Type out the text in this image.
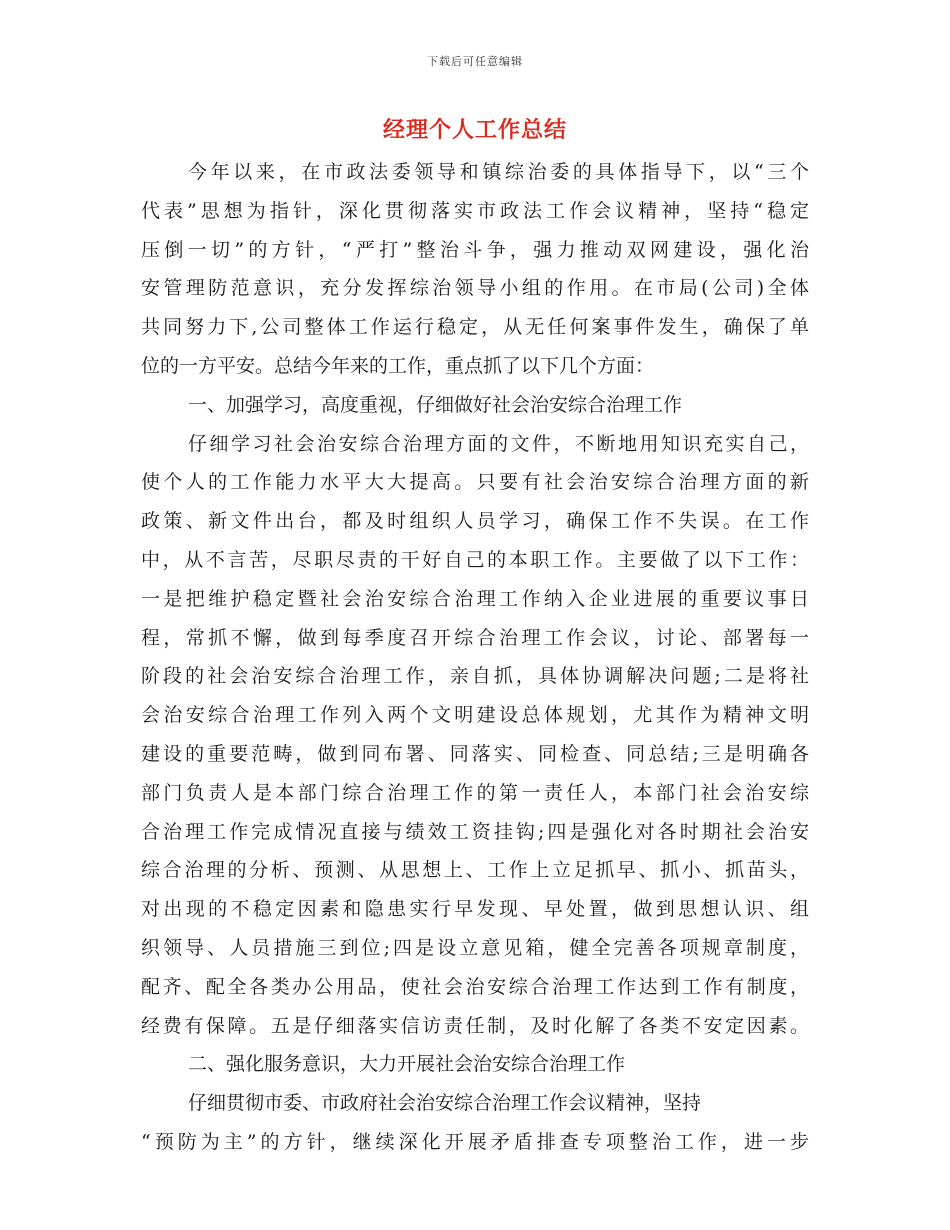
下载后可任意编辑
经理个人工作总结
今年以来，在市政法委领导和镇综治委的具体指导下，以“三个
代表”思想为指针，深化贯彻落实市政法工作会议精神，坚持“稳定
压倒一切”的方针，“严打”整治斗争，强力推动双网建设，强化治
安管理防范意识，充分发挥综治领导小组的作用。在市局(公司)全体
共同努力下,公司整体工作运行稳定，从无任何案事件发生，确保了单
位的一方平安。总结今年来的工作，重点抓了以下几个方面：
一、加强学习，高度重视，仔细做好社会治安综合治理工作
仔细学习社会治安综合治理方面的文件，不断地用知识充实自己，
使个人的工作能力水平大大提高。只要有社会治安综合治理方面的新
政策、新文件出台，都及时组织人员学习，确保工作不失误。在工作
中，从不言苦，尽职尽责的干好自己的本职工作。主要做了以下工作：
一是把维护稳定暨社会治安综合治理工作纳入企业进展的重要议事日
程，常抓不懈，做到每季度召开综合治理工作会议，讨论、部署每一
阶段的社会治安综合治理工作，亲自抓，具体协调解决问题;二是将社
会治安综合治理工作列入两个文明建设总体规划，尤其作为精神文明
建设的重要范畴，做到同布署、同落实、同检查、同总结;三是明确各
部门负责人是本部门综合治理工作的第一责任人，本部门社会治安综
合治理工作完成情况直接与绩效工资挂钩;四是强化对各时期社会治安
综合治理的分析、预测、从思想上、工作上立足抓早、抓小、抓苗头，
对出现的不稳定因素和隐患实行早发现、早处置，做到思想认识、组
织领导、人员措施三到位;四是设立意见箱，健全完善各项规章制度，
配齐、配全各类办公用品，使社会治安综合治理工作达到工作有制度，
经费有保障。五是仔细落实信访责任制，及时化解了各类不安定因素。
二、强化服务意识，大力开展社会治安综合治理工作
仔细贯彻市委、市政府社会治安综合治理工作会议精神，坚持
“预防为主”的方针，继续深化开展矛盾排查专项整治工作，进一步
